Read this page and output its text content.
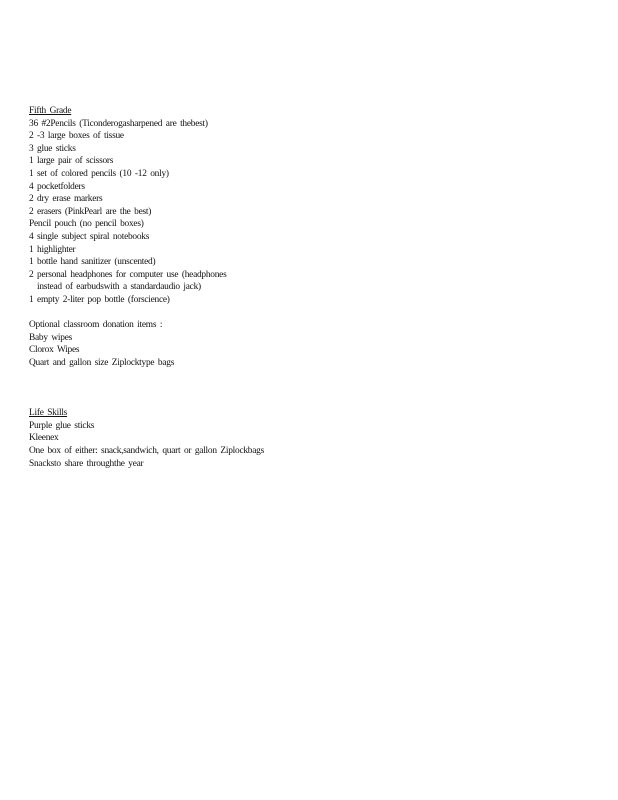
Fifth Grade
36 #2Pencils (Ticonderogasharpened are thebest)
2 -3 large boxes of tissue
3 glue sticks
1 large pair of scissors
1 set of colored pencils (10 -12 only)
4 pocketfolders
2 dry erase markers
2 erasers (PinkPearl are the best)
Pencil pouch (no pencil boxes)
4 single subject spiral notebooks
1 highlighter
1 bottle hand sanitizer (unscented)
2 personal headphones for computer use (headphones
instead of earbudswith a standardaudio jack)
1 empty 2-liter pop bottle (forscience)
Optional classroom donation items :
Baby wipes
Clorox Wipes
Quart and gallon size Ziplocktype bags
Life Skills
Purple glue sticks
Kleenex
One box of either: snack,sandwich, quart or gallon Ziplockbags
Snacksto share throughthe year
